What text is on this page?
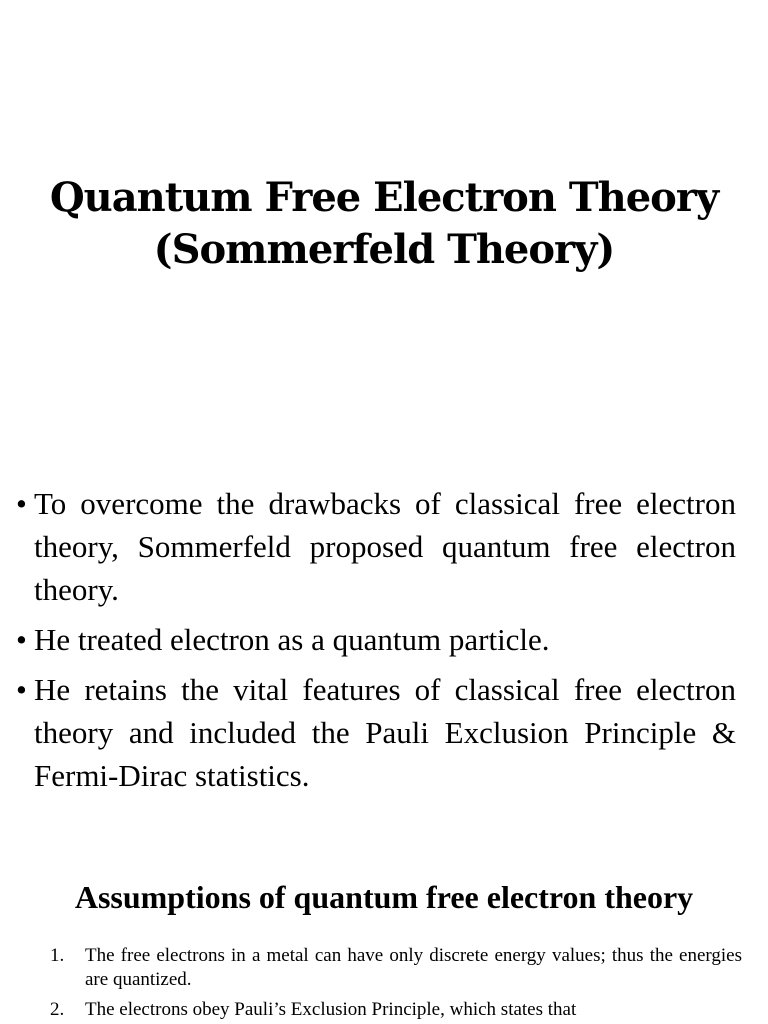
Quantum Free Electron Theory
(Sommerfeld Theory)
• To overcome the drawbacks of classical free electron theory, Sommerfeld proposed quantum free electron theory.
• He treated electron as a quantum particle.
• He retains the vital features of classical free electron theory and included the Pauli Exclusion Principle & Fermi-Dirac statistics.
Assumptions of quantum free electron theory
1. The free electrons in a metal can have only discrete energy values; thus the energies are quantized.
2. The electrons obey Pauli’s Exclusion Principle, which states that
